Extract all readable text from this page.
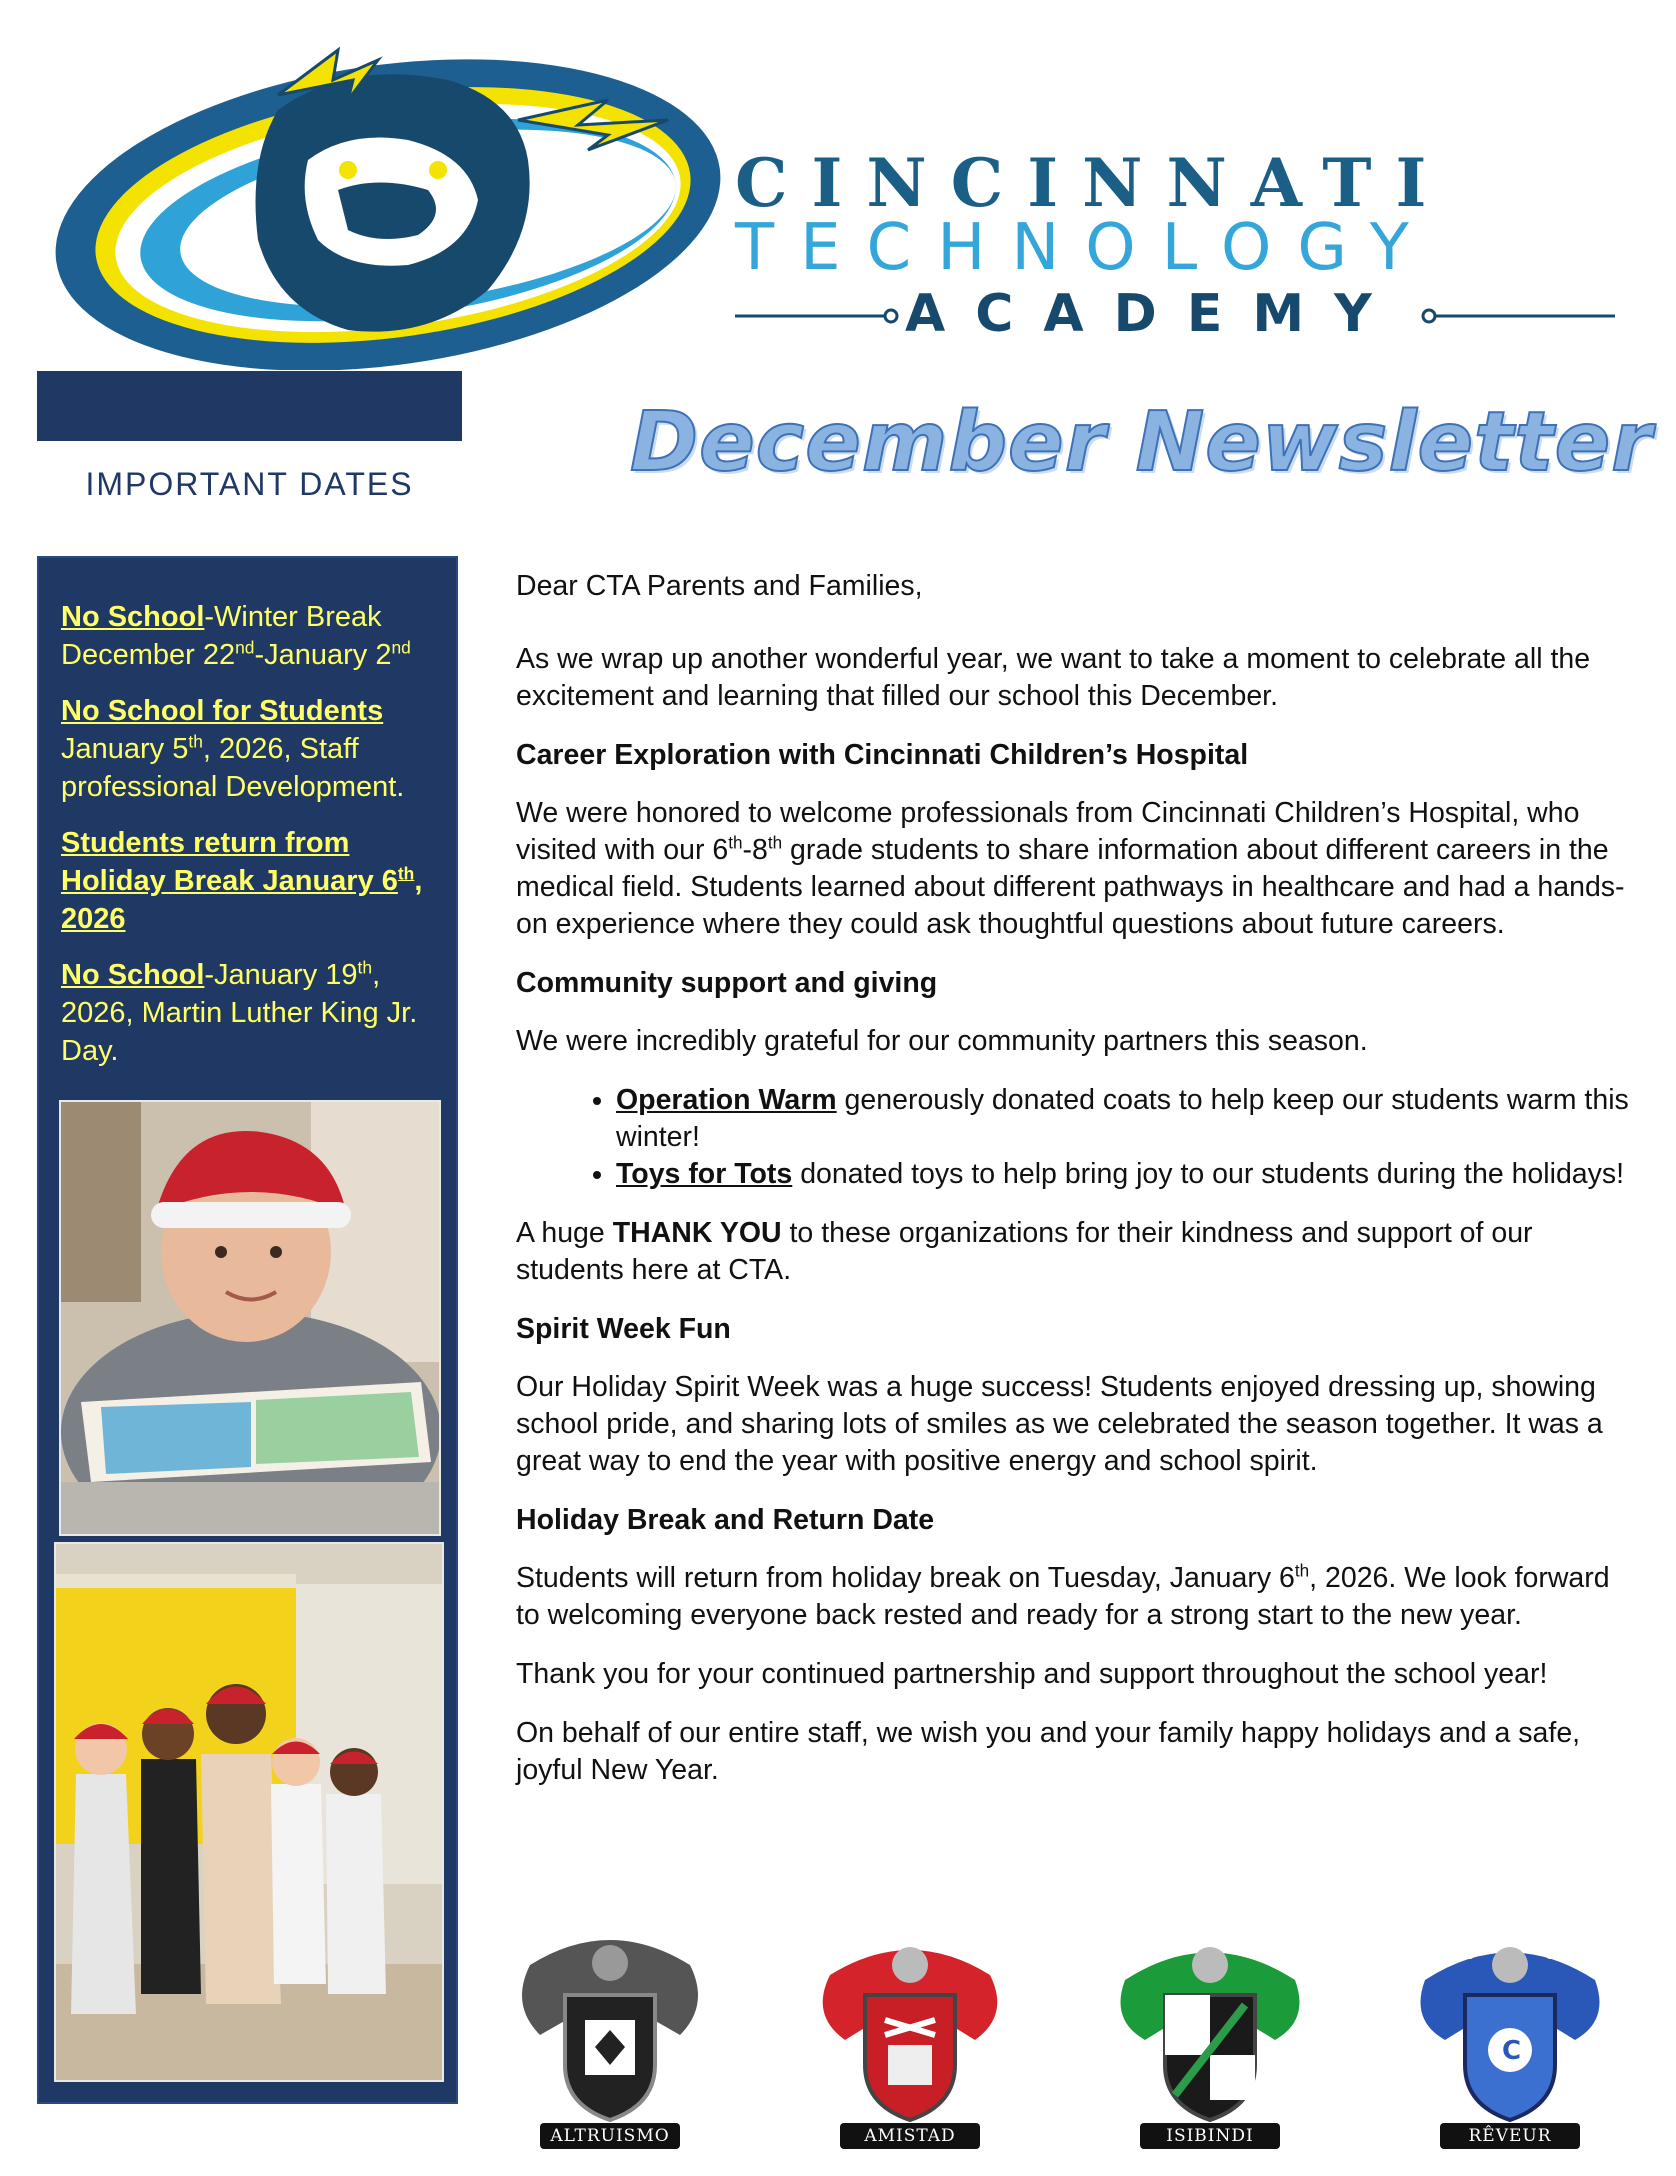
CINCINNATI
TECHNOLOGY
ACADEMY
December Newsletter
IMPORTANT DATES
No School-Winter Break December 22nd-January 2nd
No School for Students
January 5th, 2026, Staff professional Development.
Students return from Holiday Break January 6th, 2026
No School-January 19th, 2026, Martin Luther King Jr. Day.

Dear CTA Parents and Families,

As we wrap up another wonderful year, we want to take a moment to celebrate all the excitement and learning that filled our school this December.

Career Exploration with Cincinnati Children’s Hospital

We were honored to welcome professionals from Cincinnati Children’s Hospital, who visited with our 6th-8th grade students to share information about different careers in the medical field. Students learned about different pathways in healthcare and had a hands-on experience where they could ask thoughtful questions about future careers.

Community support and giving

We were incredibly grateful for our community partners this season.

• Operation Warm generously donated coats to help keep our students warm this winter!
• Toys for Tots donated toys to help bring joy to our students during the holidays!

A huge THANK YOU to these organizations for their kindness and support of our students here at CTA.

Spirit Week Fun

Our Holiday Spirit Week was a huge success! Students enjoyed dressing up, showing school pride, and sharing lots of smiles as we celebrated the season together. It was a great way to end the year with positive energy and school spirit.

Holiday Break and Return Date

Students will return from holiday break on Tuesday, January 6th, 2026. We look forward to welcoming everyone back rested and ready for a strong start to the new year.

Thank you for your continued partnership and support throughout the school year!

On behalf of our entire staff, we wish you and your family happy holidays and a safe, joyful New Year.

ALTRUISMO	AMISTAD	ISIBINDI
C
RÊVEUR
